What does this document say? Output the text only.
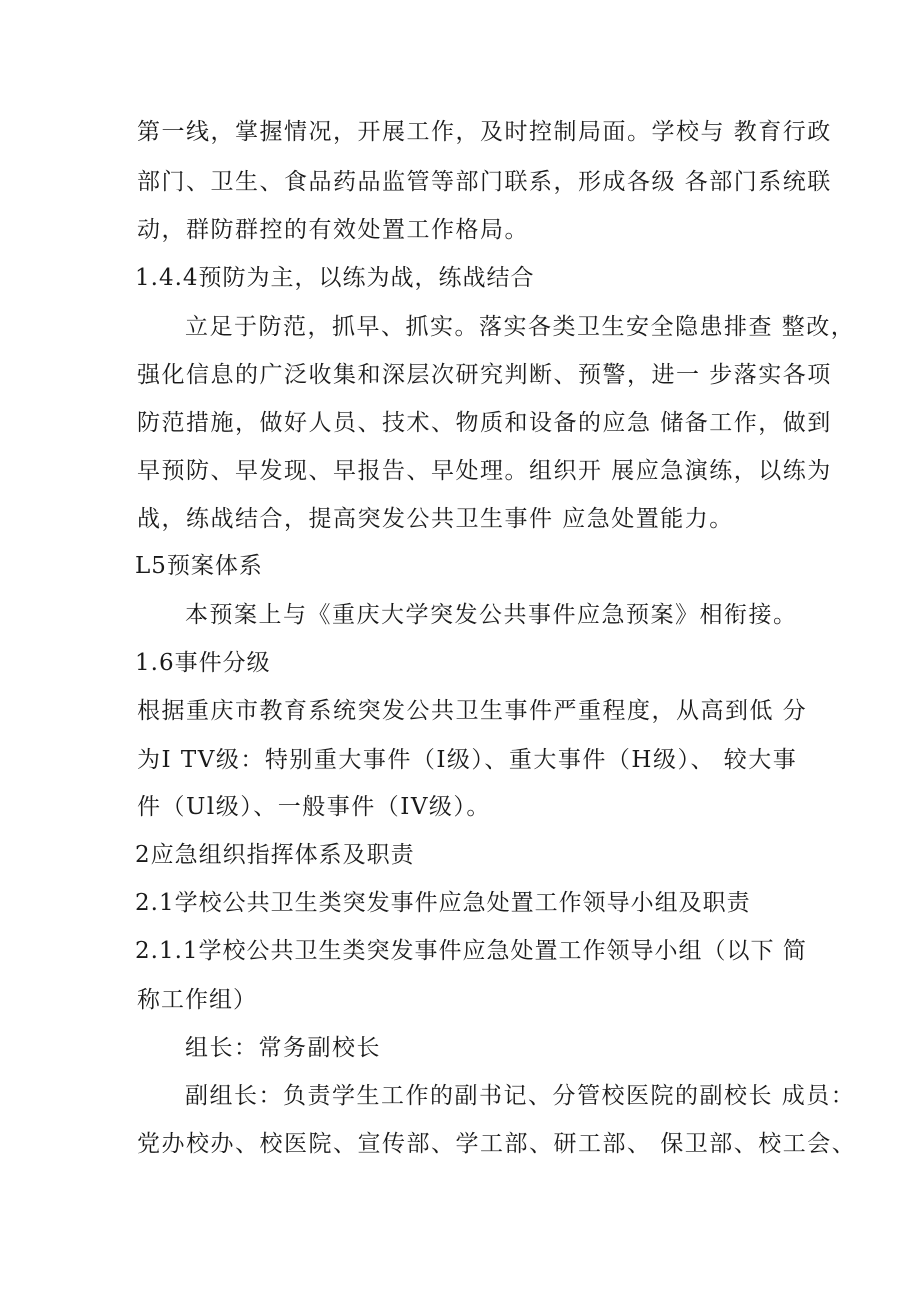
第一线，掌握情况，开展工作，及时控制局面。学校与 教育行政
部门、卫生、食品药品监管等部门联系，形成各级 各部门系统联
动，群防群控的有效处置工作格局。
1.4.4预防为主，以练为战，练战结合
立足于防范，抓早、抓实。落实各类卫生安全隐患排查 整改，
强化信息的广泛收集和深层次研究判断、预警，进一 步落实各项
防范措施，做好人员、技术、物质和设备的应急 储备工作，做到
早预防、早发现、早报告、早处理。组织开 展应急演练，以练为
战，练战结合，提高突发公共卫生事件 应急处置能力。
L5预案体系
本预案上与《重庆大学突发公共事件应急预案》相衔接。
1.6事件分级
根据重庆市教育系统突发公共卫生事件严重程度，从高到低 分
为I TV级：特别重大事件（I级）、重大事件（H级）、 较大事
件（Ul级）、一般事件（IV级）。
2应急组织指挥体系及职责
2.1学校公共卫生类突发事件应急处置工作领导小组及职责
2.1.1学校公共卫生类突发事件应急处置工作领导小组（以下 简
称工作组）
组长：常务副校长
副组长：负责学生工作的副书记、分管校医院的副校长 成员：
党办校办、校医院、宣传部、学工部、研工部、 保卫部、校工会、
